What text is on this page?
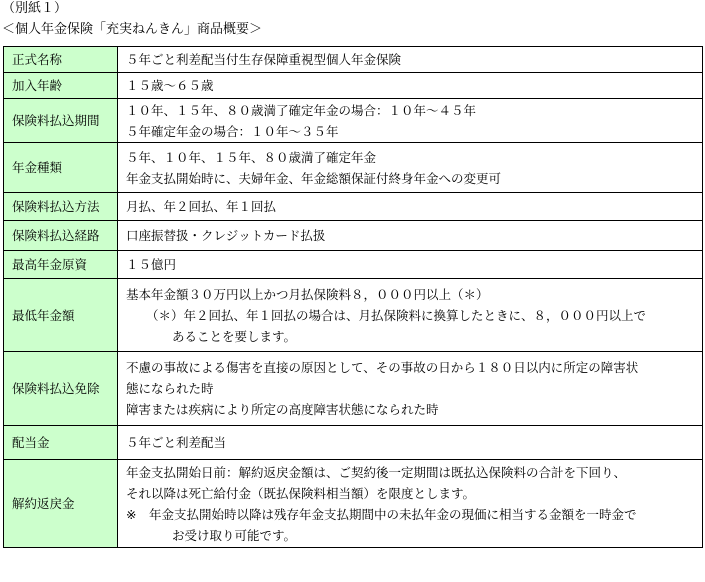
（別紙１）
＜個人年金保険「充実ねんきん」商品概要＞
正式名称	５年ごと利差配当付生存保障重視型個人年金保険

加入年齢	１５歳～６５歳

保険料払込期間	１０年、１５年、８０歳満了確定年金の場合：１０年～４５年
５年確定年金の場合：１０年～３５年

年金種類	５年、１０年、１５年、８０歳満了確定年金
年金支払開始時に、夫婦年金、年金総額保証付終身年金への変更可

保険料払込方法	月払、年２回払、年１回払

保険料払込経路	口座振替扱・クレジットカード払扱

最高年金原資	１５億円

最低年金額	基本年金額３０万円以上かつ月払保険料８，０００円以上（＊）
（＊）年２回払、年１回払の場合は、月払保険料に換算したときに、８，０００円以上で
あることを要します。

保険料払込免除	不慮の事故による傷害を直接の原因として、その事故の日から１８０日以内に所定の障害状
態になられた時
障害または疾病により所定の高度障害状態になられた時

配当金	５年ごと利差配当

解約返戻金	年金支払開始日前：解約返戻金額は、ご契約後一定期間は既払込保険料の合計を下回り、
それ以降は死亡給付金（既払保険料相当額）を限度とします。
※　年金支払開始時以降は残存年金支払期間中の未払年金の現価に相当する金額を一時金で
お受け取り可能です。
